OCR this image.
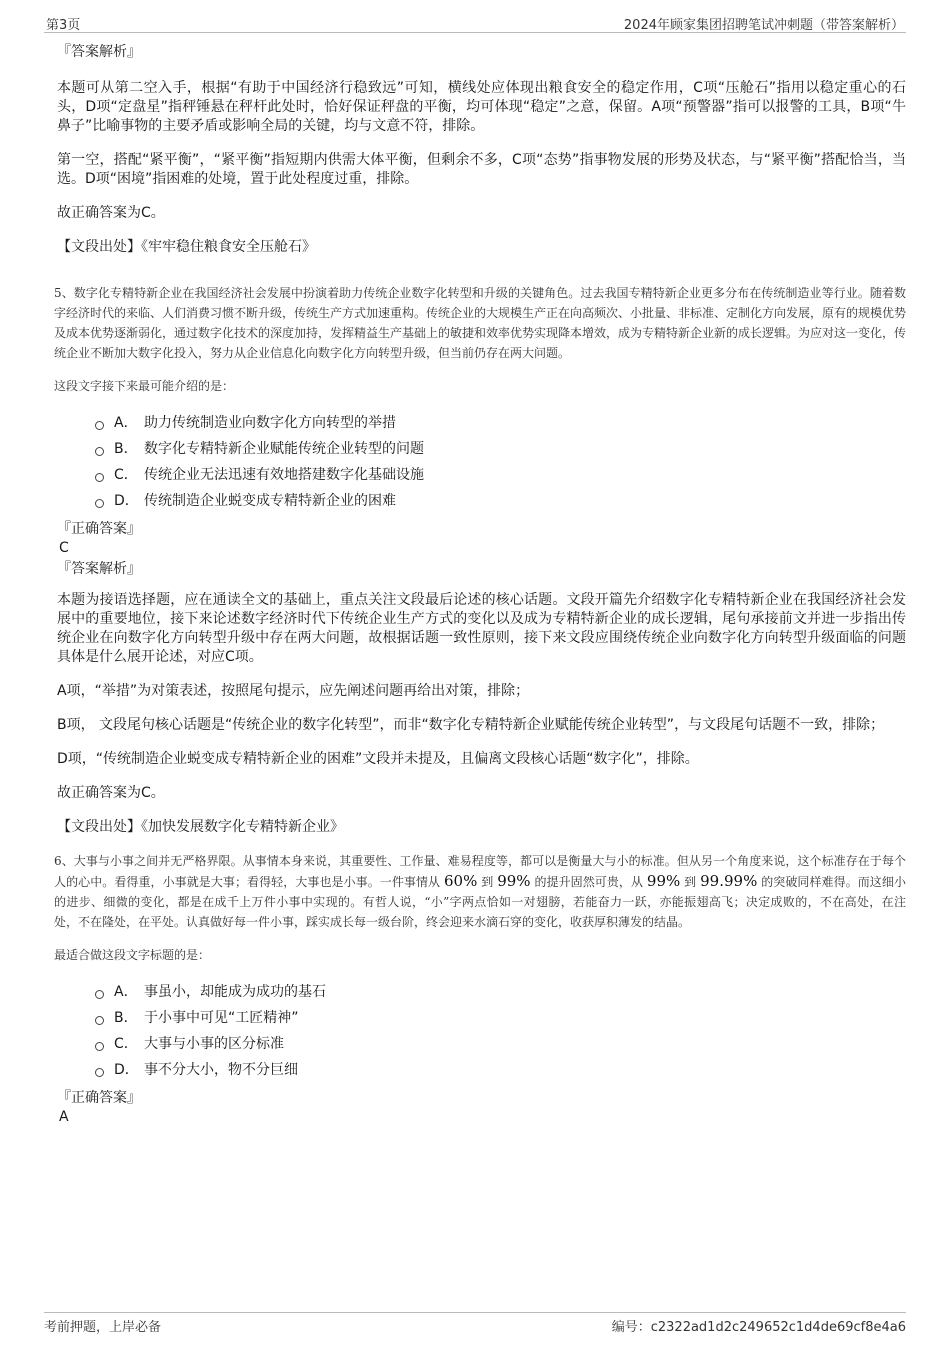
第3页	2024年顾家集团招聘笔试冲刺题（带答案解析）

『答案解析』

本题可从第二空入手，根据“有助于中国经济行稳致远”可知，横线处应体现出粮食安全的稳定作用，C项“压舱石”指用以稳定重心的石头，D项“定盘星”指秤锤悬在秤杆此处时，恰好保证秤盘的平衡，均可体现“稳定”之意，保留。A项“预警器”指可以报警的工具，B项“牛鼻子”比喻事物的主要矛盾或影响全局的关键，均与文意不符，排除。

第一空，搭配“紧平衡”，“紧平衡”指短期内供需大体平衡，但剩余不多，C项“态势”指事物发展的形势及状态，与“紧平衡”搭配恰当，当选。D项“困境”指困难的处境，置于此处程度过重，排除。

故正确答案为C。

【文段出处】《牢牢稳住粮食安全压舱石》

5、数字化专精特新企业在我国经济社会发展中扮演着助力传统企业数字化转型和升级的关键角色。过去我国专精特新企业更多分布在传统制造业等行业。随着数字经济时代的来临、人们消费习惯不断升级，传统生产方式加速重构。传统企业的大规模生产正在向高频次、小批量、非标准、定制化方向发展，原有的规模优势及成本优势逐渐弱化，通过数字化技术的深度加持，发挥精益生产基础上的敏捷和效率优势实现降本增效，成为专精特新企业新的成长逻辑。为应对这一变化，传统企业不断加大数字化投入，努力从企业信息化向数字化方向转型升级，但当前仍存在两大问题。

这段文字接下来最可能介绍的是：

A． 助力传统制造业向数字化方向转型的举措
B． 数字化专精特新企业赋能传统企业转型的问题
C． 传统企业无法迅速有效地搭建数字化基础设施
D． 传统制造企业蜕变成专精特新企业的困难

『正确答案』

C

『答案解析』

本题为接语选择题，应在通读全文的基础上，重点关注文段最后论述的核心话题。文段开篇先介绍数字化专精特新企业在我国经济社会发展中的重要地位，接下来论述数字经济时代下传统企业生产方式的变化以及成为专精特新企业的成长逻辑，尾句承接前文并进一步指出传统企业在向数字化方向转型升级中存在两大问题，故根据话题一致性原则，接下来文段应围绕传统企业向数字化方向转型升级面临的问题具体是什么展开论述，对应C项。

A项，“举措”为对策表述，按照尾句提示，应先阐述问题再给出对策，排除；

B项， 文段尾句核心话题是“传统企业的数字化转型”，而非“数字化专精特新企业赋能传统企业转型”，与文段尾句话题不一致，排除；

D项，“传统制造企业蜕变成专精特新企业的困难”文段并未提及，且偏离文段核心话题“数字化”，排除。

故正确答案为C。

【文段出处】《加快发展数字化专精特新企业》

6、大事与小事之间并无严格界限。从事情本身来说，其重要性、工作量、难易程度等，都可以是衡量大与小的标准。但从另一个角度来说，这个标准存在于每个人的心中。看得重，小事就是大事；看得轻，大事也是小事。一件事情从 60% 到 99% 的提升固然可贵，从 99% 到 99.99% 的突破同样难得。而这细小的进步、细微的变化，都是在成千上万件小事中实现的。有哲人说，“小”字两点恰如一对翅膀，若能奋力一跃，亦能振翅高飞；决定成败的，不在高处，在注处，不在隆处，在平处。认真做好每一件小事，踩实成长每一级台阶，终会迎来水滴石穿的变化，收获厚积薄发的结晶。

最适合做这段文字标题的是：

A． 事虽小，却能成为成功的基石
B． 于小事中可见“工匠精神”
C． 大事与小事的区分标准
D． 事不分大小，物不分巨细

『正确答案』

A

考前押题，上岸必备	编号：c2322ad1d2c249652c1d4de69cf8e4a6
